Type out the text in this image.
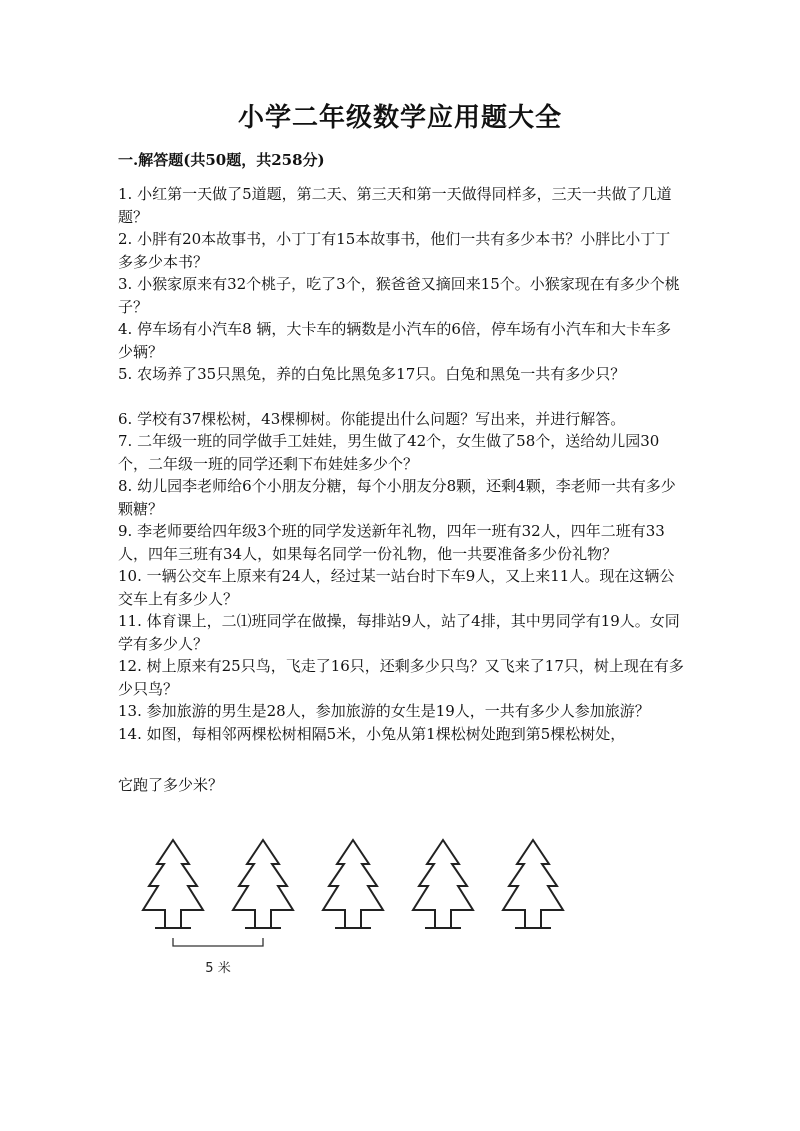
小学二年级数学应用题大全
一.解答题(共50题，共258分)

1. 小红第一天做了5道题，第二天、第三天和第一天做得同样多，三天一共做了几道题？

2. 小胖有20本故事书，小丁丁有15本故事书，他们一共有多少本书？小胖比小丁丁多多少本书？

3. 小猴家原来有32个桃子，吃了3个，猴爸爸又摘回来15个。小猴家现在有多少个桃子？

4. 停车场有小汽车8 辆，大卡车的辆数是小汽车的6倍，停车场有小汽车和大卡车多少辆？

5. 农场养了35只黑兔，养的白兔比黑兔多17只。白兔和黑兔一共有多少只？

6. 学校有37棵松树，43棵柳树。你能提出什么问题？写出来，并进行解答。

7. 二年级一班的同学做手工娃娃，男生做了42个，女生做了58个，送给幼儿园30个，二年级一班的同学还剩下布娃娃多少个？

8. 幼儿园李老师给6个小朋友分糖，每个小朋友分8颗，还剩4颗，李老师一共有多少颗糖？

9. 李老师要给四年级3个班的同学发送新年礼物，四年一班有32人，四年二班有33人，四年三班有34人，如果每名同学一份礼物，他一共要准备多少份礼物？

10. 一辆公交车上原来有24人，经过某一站台时下车9人，又上来11人。现在这辆公交车上有多少人？

11. 体育课上，二⑴班同学在做操，每排站9人，站了4排，其中男同学有19人。女同学有多少人？

12. 树上原来有25只鸟，飞走了16只，还剩多少只鸟？又飞来了17只，树上现在有多少只鸟？

13. 参加旅游的男生是28人，参加旅游的女生是19人，一共有多少人参加旅游？

14. 如图，每相邻两棵松树相隔5米，小兔从第1棵松树处跑到第5棵松树处，

它跑了多少米？
5 米
